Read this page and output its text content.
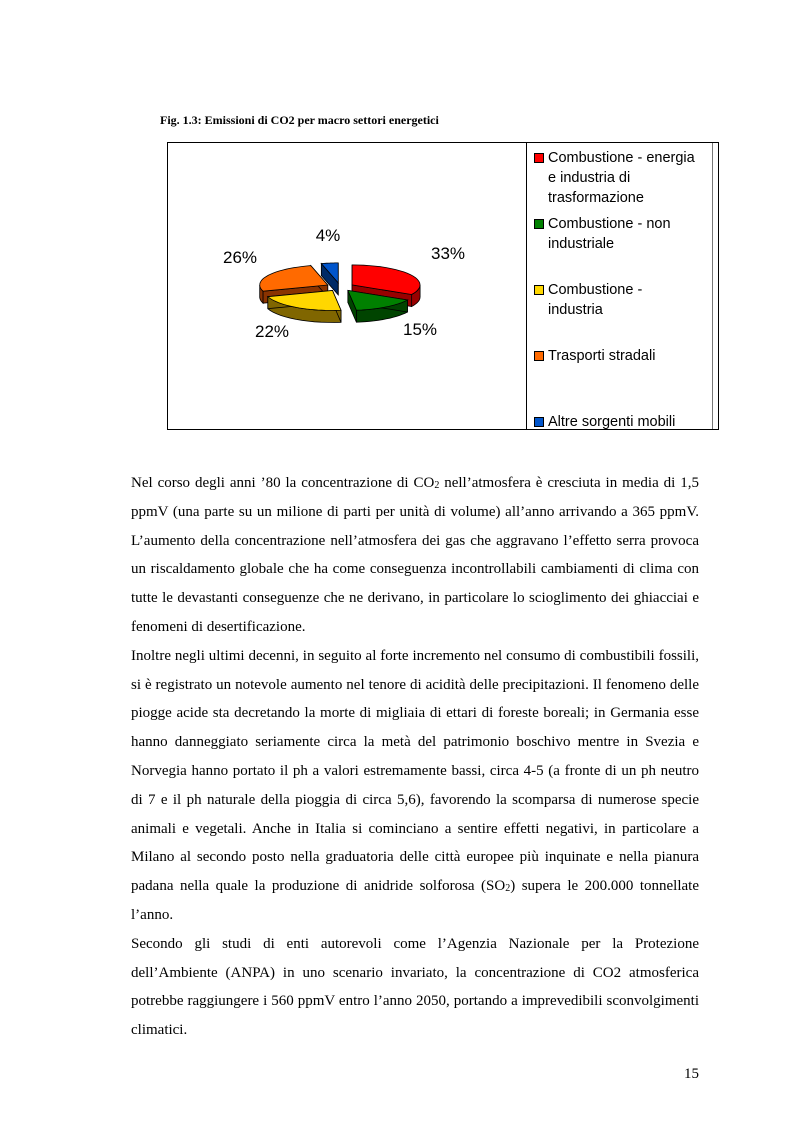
Fig. 1.3: Emissioni di CO2 per macro settori energetici
33%
15%
22%
26%
4%
Combustione - energia
e industria di
trasformazione
Combustione - non
industriale
Combustione -
industria
Trasporti stradali
Altre sorgenti mobili

Nel corso degli anni ’80 la concentrazione di $CO_2$ nell’atmosfera è cresciuta in media di 1,5 ppmV (una parte su un milione di parti per unità di volume) all’anno arrivando a 365 ppmV. L’aumento della concentrazione nell’atmosfera dei gas che aggravano l’effetto serra provoca un riscaldamento globale che ha come conseguenza incontrollabili cambiamenti di clima con tutte le devastanti conseguenze che ne derivano, in particolare lo scioglimento dei ghiacciai e fenomeni di desertificazione.

Inoltre negli ultimi decenni, in seguito al forte incremento nel consumo di combustibili fossili, si è registrato un notevole aumento nel tenore di acidità delle precipitazioni. Il fenomeno delle piogge acide sta decretando la morte di migliaia di ettari di foreste boreali; in Germania esse hanno danneggiato seriamente circa la metà del patrimonio boschivo mentre in Svezia e Norvegia hanno portato il ph a valori estremamente bassi, circa 4-5 (a fronte di un ph neutro di 7 e il ph naturale della pioggia di circa 5,6), favorendo la scomparsa di numerose specie animali e vegetali. Anche in Italia si cominciano a sentire effetti negativi, in particolare a Milano al secondo posto nella graduatoria delle città europee più inquinate e nella pianura padana nella quale la produzione di anidride solforosa $(SO_2)$ supera le 200.000 tonnellate l’anno.

Secondo gli studi di enti autorevoli come l’Agenzia Nazionale per la Protezione dell’Ambiente (ANPA) in uno scenario invariato, la concentrazione di CO2 atmosferica potrebbe raggiungere i 560 ppmV entro l’anno 2050, portando a imprevedibili sconvolgimenti climatici.

15
